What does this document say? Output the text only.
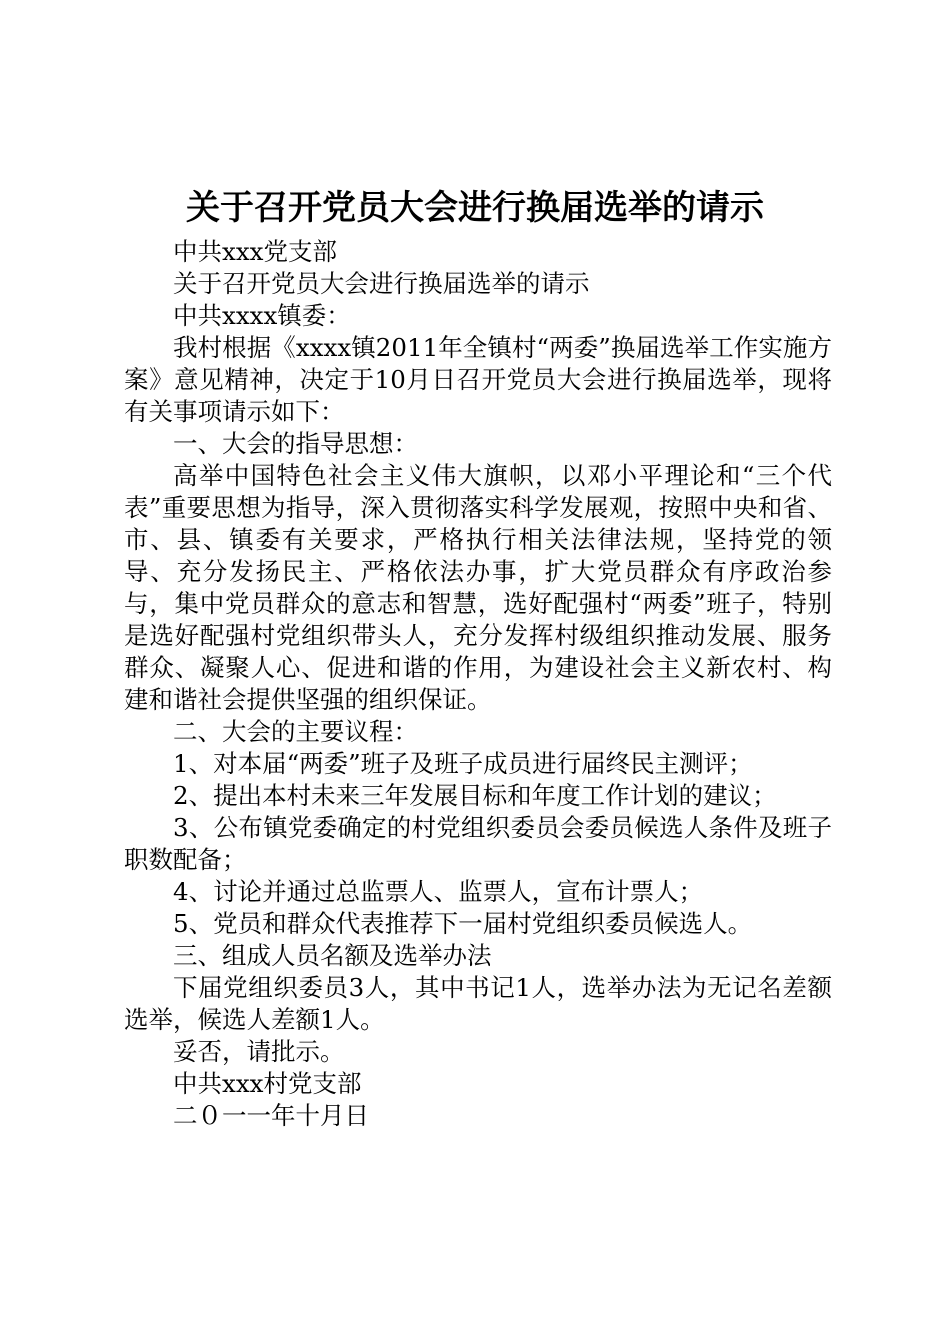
关于召开党员大会进行换届选举的请示

中共xxx党支部

关于召开党员大会进行换届选举的请示

中共xxxx镇委：

我村根据《xxxx镇2011年全镇村“两委”换届选举工作实施方案》意见精神，决定于10月日召开党员大会进行换届选举，现将有关事项请示如下：

一、大会的指导思想：

高举中国特色社会主义伟大旗帜，以邓小平理论和“三个代表”重要思想为指导，深入贯彻落实科学发展观，按照中央和省、市、县、镇委有关要求，严格执行相关法律法规，坚持党的领导、充分发扬民主、严格依法办事，扩大党员群众有序政治参与，集中党员群众的意志和智慧，选好配强村“两委”班子，特别是选好配强村党组织带头人，充分发挥村级组织推动发展、服务群众、凝聚人心、促进和谐的作用，为建设社会主义新农村、构建和谐社会提供坚强的组织保证。

二、大会的主要议程：

1、对本届“两委”班子及班子成员进行届终民主测评；

2、提出本村未来三年发展目标和年度工作计划的建议；

3、公布镇党委确定的村党组织委员会委员候选人条件及班子职数配备；

4、讨论并通过总监票人、监票人，宣布计票人；

5、党员和群众代表推荐下一届村党组织委员候选人。

三、组成人员名额及选举办法

下届党组织委员3人，其中书记1人，选举办法为无记名差额选举，候选人差额1人。

妥否，请批示。

中共xxx村党支部

二０一一年十月日
